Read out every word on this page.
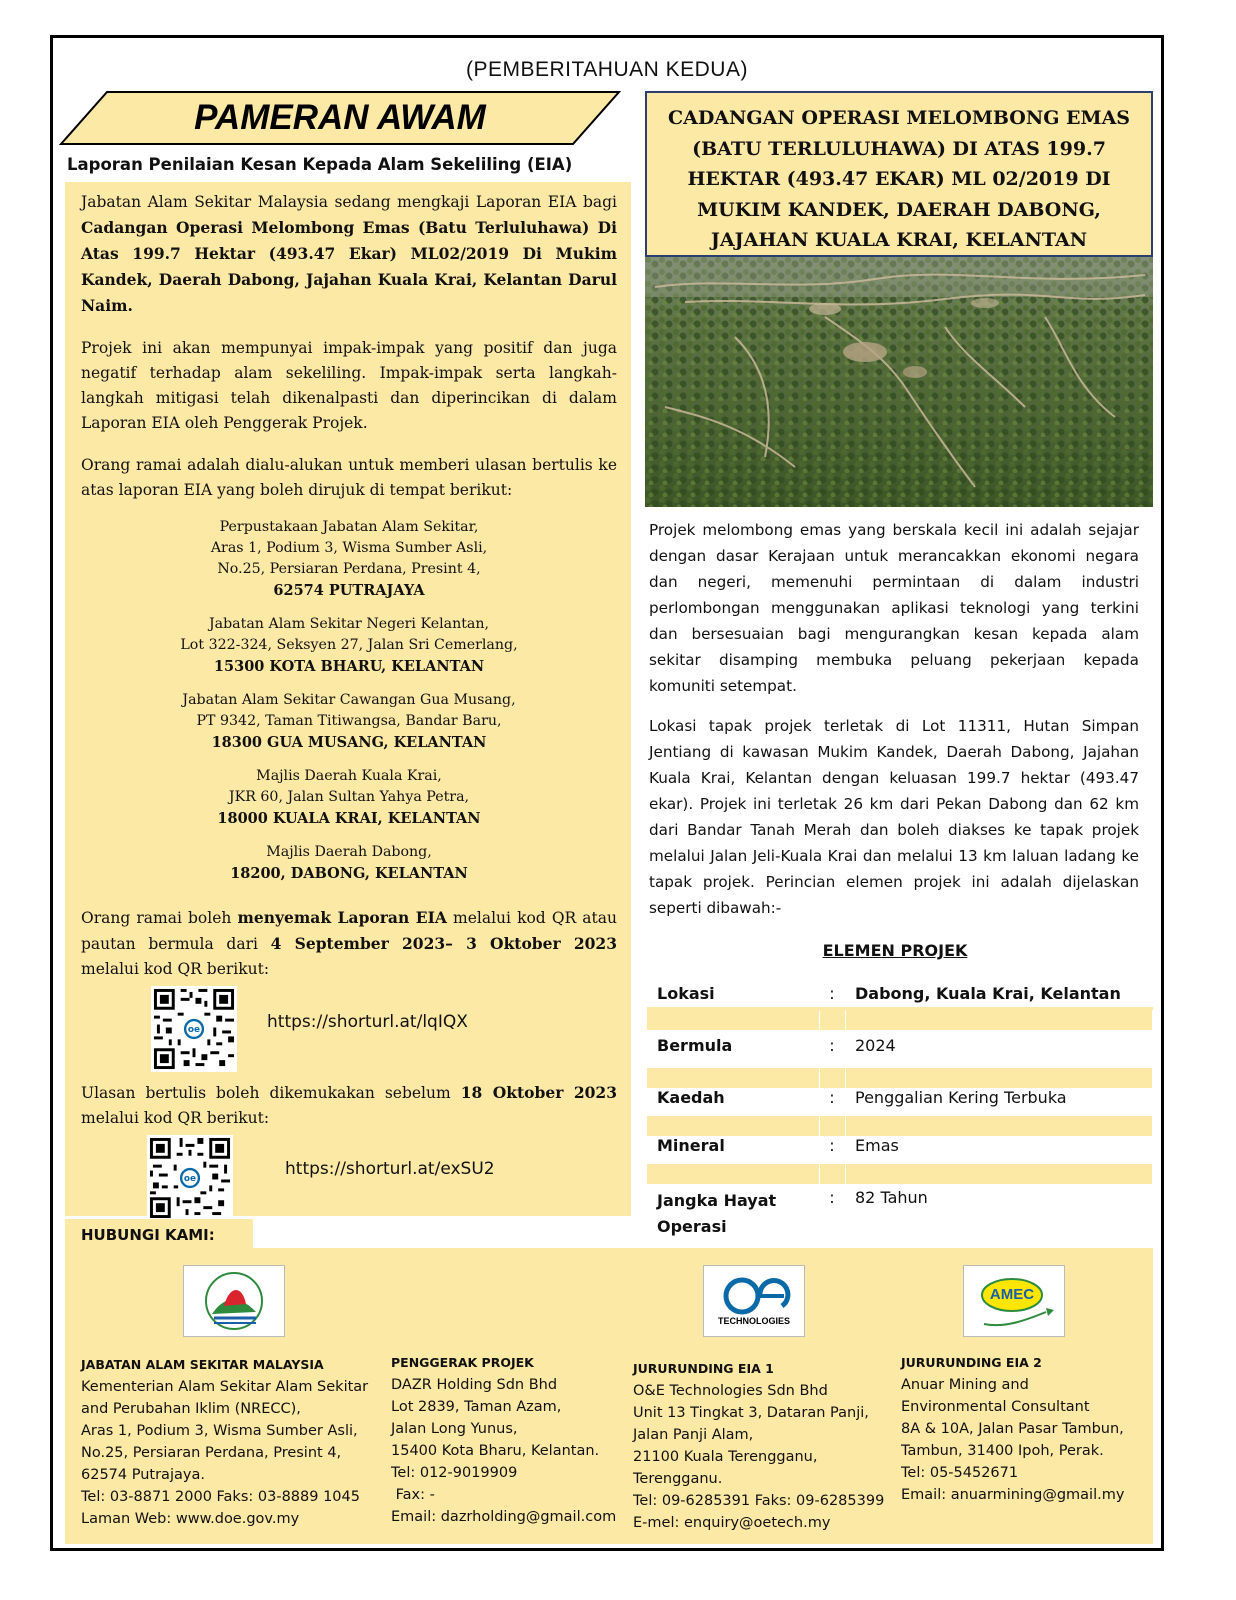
(PEMBERITAHUAN KEDUA)
PAMERAN AWAM
Laporan Penilaian Kesan Kepada Alam Sekeliling (EIA)

Jabatan Alam Sekitar Malaysia sedang mengkaji Laporan EIA bagi Cadangan Operasi Melombong Emas (Batu Terluluhawa) Di Atas 199.7 Hektar (493.47 Ekar) ML02/2019 Di Mukim Kandek, Daerah Dabong, Jajahan Kuala Krai, Kelantan Darul Naim.

Projek ini akan mempunyai impak-impak yang positif dan juga negatif terhadap alam sekeliling. Impak-impak serta langkah-langkah mitigasi telah dikenalpasti dan diperincikan di dalam Laporan EIA oleh Penggerak Projek.

Orang ramai adalah dialu-alukan untuk memberi ulasan bertulis ke atas laporan EIA yang boleh dirujuk di tempat berikut:

Perpustakaan Jabatan Alam Sekitar,
Aras 1, Podium 3, Wisma Sumber Asli,
No.25, Persiaran Perdana, Presint 4,
62574 PUTRAJAYA
Jabatan Alam Sekitar Negeri Kelantan,
Lot 322-324, Seksyen 27, Jalan Sri Cemerlang,
15300 KOTA BHARU, KELANTAN
Jabatan Alam Sekitar Cawangan Gua Musang,
PT 9342, Taman Titiwangsa, Bandar Baru,
18300 GUA MUSANG, KELANTAN
Majlis Daerah Kuala Krai,
JKR 60, Jalan Sultan Yahya Petra,
18000 KUALA KRAI, KELANTAN
Majlis Daerah Dabong,
18200, DABONG, KELANTAN

Orang ramai boleh menyemak Laporan EIA melalui kod QR atau pautan bermula dari 4 September 2023– 3 Oktober 2023 melalui kod QR berikut:

oe	https://shorturl.at/lqIQX

Ulasan bertulis boleh dikemukakan sebelum 18 Oktober 2023 melalui kod QR berikut:

oe
https://shorturl.at/exSU2
CADANGAN OPERASI MELOMBONG EMAS
(BATU TERLULUHAWA) DI ATAS 199.7
HEKTAR (493.47 EKAR) ML 02/2019 DI
MUKIM KANDEK, DAERAH DABONG,
JAJAHAN KUALA KRAI, KELANTAN

Projek melombong emas yang berskala kecil ini adalah sejajar dengan dasar Kerajaan untuk merancakkan ekonomi negara dan negeri, memenuhi permintaan di dalam industri perlombongan menggunakan aplikasi teknologi yang terkini dan bersesuaian bagi mengurangkan kesan kepada alam sekitar disamping membuka peluang pekerjaan kepada komuniti setempat.

Lokasi tapak projek terletak di Lot 11311, Hutan Simpan Jentiang di kawasan Mukim Kandek, Daerah Dabong, Jajahan Kuala Krai, Kelantan dengan keluasan 199.7 hektar (493.47 ekar). Projek ini terletak 26 km dari Pekan Dabong dan 62 km dari Bandar Tanah Merah dan boleh diakses ke tapak projek melalui Jalan Jeli-Kuala Krai dan melalui 13 km laluan ladang ke tapak projek. Perincian elemen projek ini adalah dijelaskan seperti dibawah:-

ELEMEN PROJEK
Lokasi	:	Dabong, Kuala Krai, Kelantan

Bermula	:	2024

Kaedah	:	Penggalian Kering Terbuka

Mineral	:	Emas

Jangka Hayat Operasi	:	82 Tahun
HUBUNGI KAMI:
TECHNOLOGIES
AMEC
JABATAN ALAM SEKITAR MALAYSIA
Kementerian Alam Sekitar Alam Sekitar
and Perubahan Iklim (NRECC),
Aras 1, Podium 3, Wisma Sumber Asli,
No.25, Persiaran Perdana, Presint 4,
62574 Putrajaya.
Tel: 03-8871 2000 Faks: 03-8889 1045
Laman Web: www.doe.gov.my
PENGGERAK PROJEK
DAZR Holding Sdn Bhd
Lot 2839, Taman Azam,
Jalan Long Yunus,
15400 Kota Bharu, Kelantan.
Tel: 012-9019909
Fax: -
Email: dazrholding@gmail.com
JURURUNDING EIA 1
O&E Technologies Sdn Bhd
Unit 13 Tingkat 3, Dataran Panji,
Jalan Panji Alam,
21100 Kuala Terengganu,
Terengganu.
Tel: 09-6285391 Faks: 09-6285399
E-mel: enquiry@oetech.my
JURURUNDING EIA 2
Anuar Mining and
Environmental Consultant
8A & 10A, Jalan Pasar Tambun,
Tambun, 31400 Ipoh, Perak.
Tel: 05-5452671
Email: anuarmining@gmail.my
